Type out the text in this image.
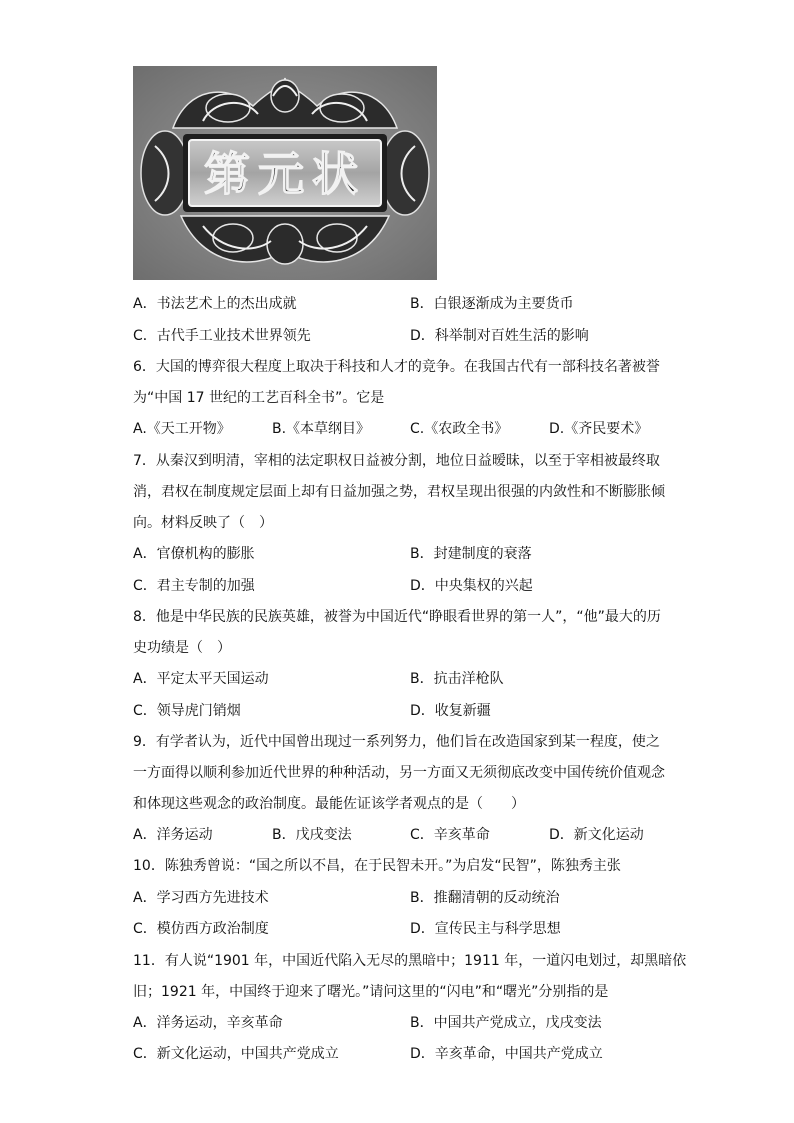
第元状
A．书法艺术上的杰出成就	B．白银逐渐成为主要货币
C．古代手工业技术世界领先	D．科举制对百姓生活的影响
6．大国的博弈很大程度上取决于科技和人才的竞争。在我国古代有一部科技名著被誉
为“中国 17 世纪的工艺百科全书”。它是
A.《天工开物》	B.《本草纲目》	C.《农政全书》	D.《齐民要术》
7．从秦汉到明清，宰相的法定职权日益被分割，地位日益暧昧，以至于宰相被最终取
消，君权在制度规定层面上却有日益加强之势，君权呈现出很强的内敛性和不断膨胀倾
向。材料反映了（　）
A．官僚机构的膨胀	B．封建制度的衰落
C．君主专制的加强	D．中央集权的兴起
8．他是中华民族的民族英雄，被誉为中国近代“睁眼看世界的第一人”，“他”最大的历
史功绩是（　）
A．平定太平天国运动	B．抗击洋枪队
C．领导虎门销烟	D．收复新疆
9．有学者认为，近代中国曾出现过一系列努力，他们旨在改造国家到某一程度，使之
一方面得以顺利参加近代世界的种种活动，另一方面又无须彻底改变中国传统价值观念
和体现这些观念的政治制度。最能佐证该学者观点的是（　　）
A．洋务运动	B．戊戌变法	C．辛亥革命	D．新文化运动
10．陈独秀曾说：“国之所以不昌，在于民智未开。”为启发“民智”，陈独秀主张
A．学习西方先进技术	B．推翻清朝的反动统治
C．模仿西方政治制度	D．宣传民主与科学思想
11．有人说“1901 年，中国近代陷入无尽的黑暗中；1911 年，一道闪电划过，却黑暗依
旧；1921 年，中国终于迎来了曙光。”请问这里的“闪电”和“曙光”分别指的是
A．洋务运动，辛亥革命	B．中国共产党成立，戊戌变法
C．新文化运动，中国共产党成立	D．辛亥革命，中国共产党成立
